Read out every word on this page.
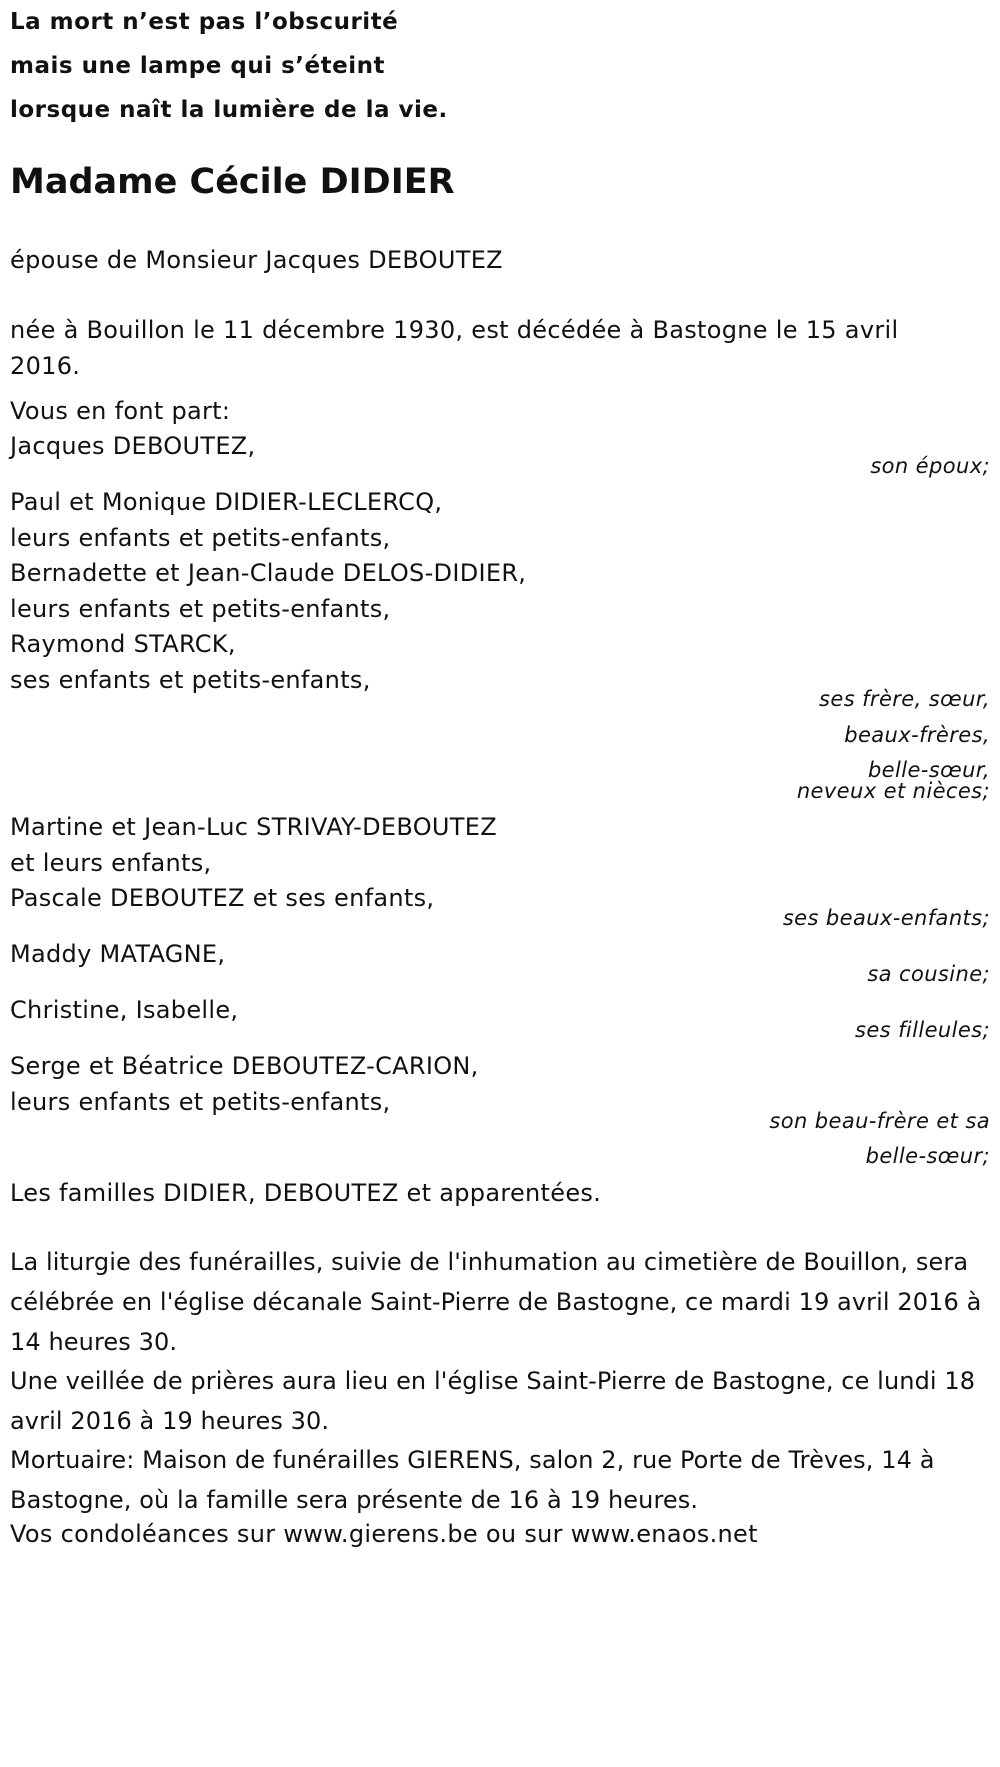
La mort n’est pas l’obscurité
mais une lampe qui s’éteint
lorsque naît la lumière de la vie.
Madame Cécile DIDIER
épouse de Monsieur Jacques DEBOUTEZ
née à Bouillon le 11 décembre 1930, est décédée à Bastogne le 15 avril
2016.
Vous en font part:
Jacques DEBOUTEZ,
son époux;
Paul et Monique DIDIER-LECLERCQ,
leurs enfants et petits-enfants,
Bernadette et Jean-Claude DELOS-DIDIER,
leurs enfants et petits-enfants,
Raymond STARCK,
ses enfants et petits-enfants,
ses frère, sœur,
beaux-frères,
belle-sœur,
neveux et nièces;
Martine et Jean-Luc STRIVAY-DEBOUTEZ
et leurs enfants,
Pascale DEBOUTEZ et ses enfants,
ses beaux-enfants;
Maddy MATAGNE,
sa cousine;
Christine, Isabelle,
ses filleules;
Serge et Béatrice DEBOUTEZ-CARION,
leurs enfants et petits-enfants,
son beau-frère et sa
belle-sœur;
Les familles DIDIER, DEBOUTEZ et apparentées.
La liturgie des funérailles, suivie de l'inhumation au cimetière de Bouillon, sera célébrée en l'église décanale Saint-Pierre de Bastogne, ce mardi 19 avril 2016 à 14 heures 30.
Une veillée de prières aura lieu en l'église Saint-Pierre de Bastogne, ce lundi 18 avril 2016 à 19 heures 30.
Mortuaire: Maison de funérailles GIERENS, salon 2, rue Porte de Trèves, 14 à Bastogne, où la famille sera présente de 16 à 19 heures.
Vos condoléances sur www.gierens.be ou sur www.enaos.net
